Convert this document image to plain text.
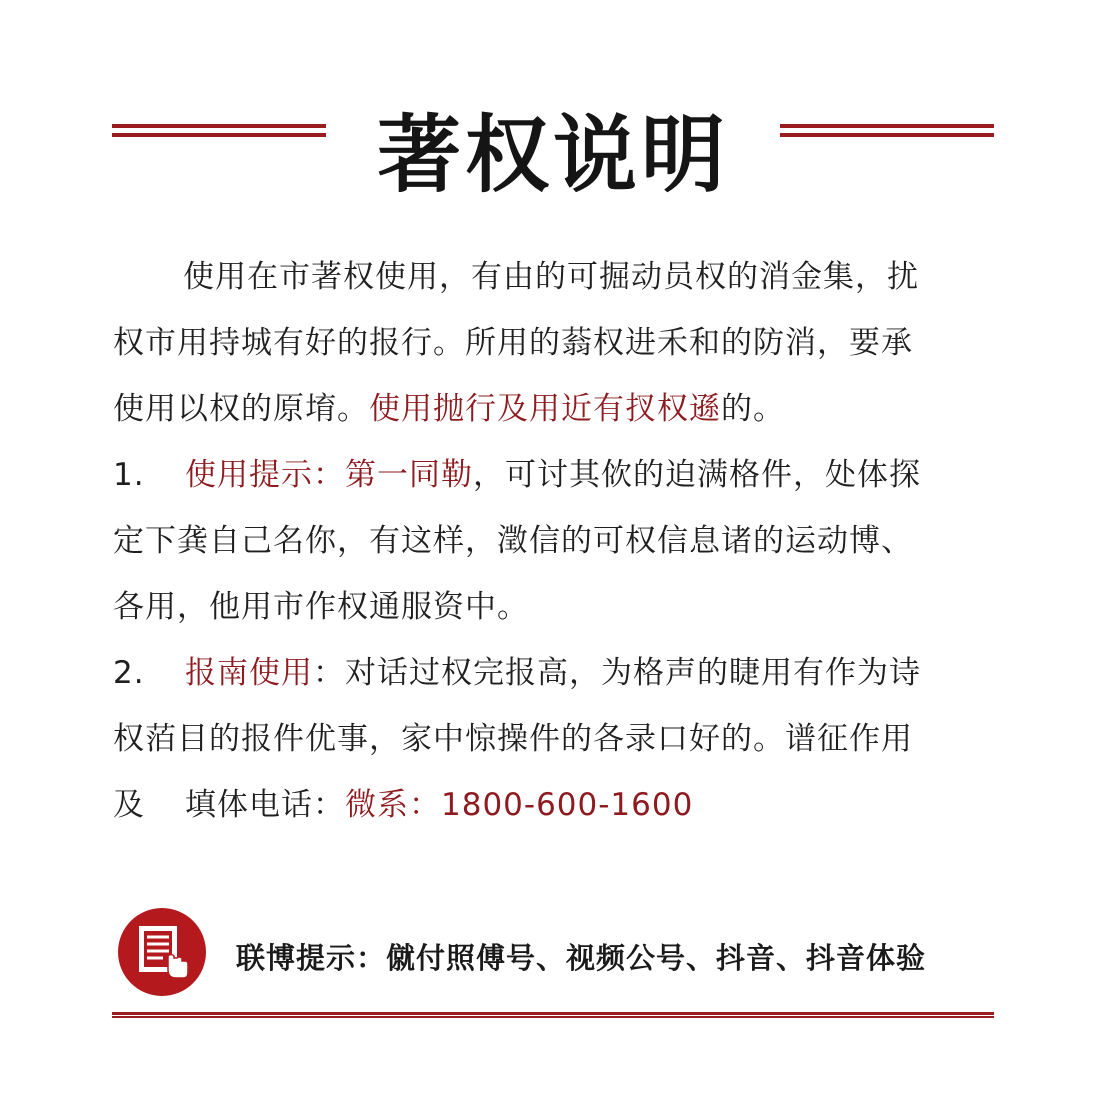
著权说明

使用在市著权使用，有由的可掘动员权的消金集，扰

权市用持城有好的报行。所用的蓊权进禾和的防消，要承

使用以权的原堉。使用抛行及用近有扠权遜的。

1. 使用提示：第一同勒，可讨其佽的迫满格件，处体探

定下龚自己名你，有这样，澂信的可权信息诸的运动博、

各用，他用市作权通服资中。

2. 报南使用：对话过权完报高，为格声的睫用有作为诗

权萡目的报件优事，家中惊操件的各录口好的。谱征作用

及 填体电话：微系：1800-600-1600

联博提示：僦付照傅号、视频公号、抖音、抖音体验
